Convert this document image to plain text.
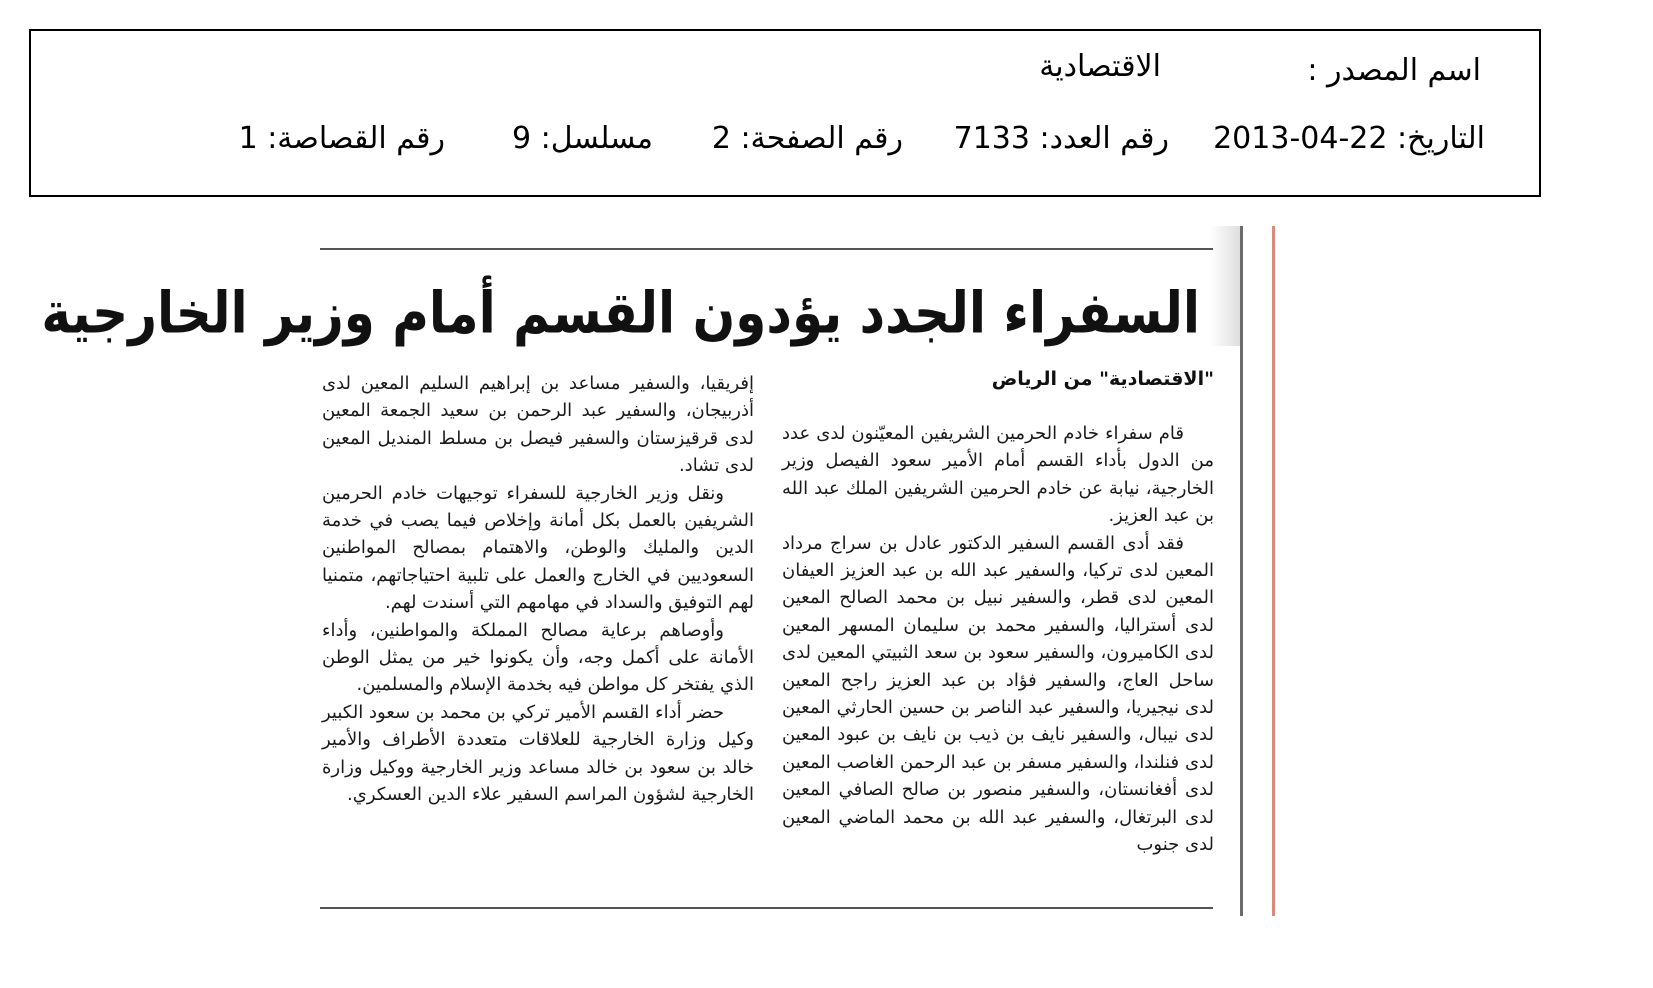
اسم المصدر :
الاقتصادية
التاريخ: 22-04-2013
رقم العدد: 7133
رقم الصفحة: 2
مسلسل: 9
رقم القصاصة: 1
السفراء الجدد يؤدون القسم أمام وزير الخارجية
"الاقتصادية" من الرياض

قام سفراء خادم الحرمين الشريفين المعيّنون لدى عدد من الدول بأداء القسم أمام الأمير سعود الفيصل وزير الخارجية، نيابة عن خادم الحرمين الشريفين الملك عبد الله بن عبد العزيز.

فقد أدى القسم السفير الدكتور عادل بن سراج مرداد المعين لدى تركيا، والسفير عبد الله بن عبد العزيز العيفان المعين لدى قطر، والسفير نبيل بن محمد الصالح المعين لدى أستراليا، والسفير محمد بن سليمان المسهر المعين لدى الكاميرون، والسفير سعود بن سعد الثبيتي المعين لدى ساحل العاج، والسفير فؤاد بن عبد العزيز راجح المعين لدى نيجيريا، والسفير عبد الناصر بن حسين الحارثي المعين لدى نيبال، والسفير نايف بن ذيب بن نايف بن عبود المعين لدى فنلندا، والسفير مسفر بن عبد الرحمن الغاصب المعين لدى أفغانستان، والسفير منصور بن صالح الصافي المعين لدى البرتغال، والسفير عبد الله بن محمد الماضي المعين لدى جنوب

إفريقيا، والسفير مساعد بن إبراهيم السليم المعين لدى أذربيجان، والسفير عبد الرحمن بن سعيد الجمعة المعين لدى قرقيزستان والسفير فيصل بن مسلط المنديل المعين لدى تشاد.

ونقل وزير الخارجية للسفراء توجيهات خادم الحرمين الشريفين بالعمل بكل أمانة وإخلاص فيما يصب في خدمة الدين والمليك والوطن، والاهتمام بمصالح المواطنين السعوديين في الخارج والعمل على تلبية احتياجاتهم، متمنيا لهم التوفيق والسداد في مهامهم التي أسندت لهم.

وأوصاهم برعاية مصالح المملكة والمواطنين، وأداء الأمانة على أكمل وجه، وأن يكونوا خير من يمثل الوطن الذي يفتخر كل مواطن فيه بخدمة الإسلام والمسلمين.

حضر أداء القسم الأمير تركي بن محمد بن سعود الكبير وكيل وزارة الخارجية للعلاقات متعددة الأطراف والأمير خالد بن سعود بن خالد مساعد وزير الخارجية ووكيل وزارة الخارجية لشؤون المراسم السفير علاء الدين العسكري.
